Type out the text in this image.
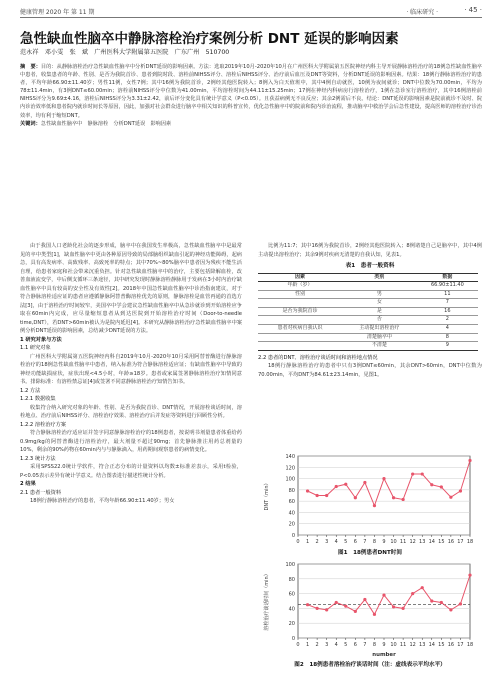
健康管理 2020 年 第 11 期	· 临床研究 ·	· 45 ·
急性缺血性脑卒中静脉溶栓治疗案例分析 DNT 延误的影响因素
范永祥　邓小雯　张　斌　广州医科大学附属第五医院　广东广州　510700
摘　要：目的：从静脉溶栓治疗急性缺血性脑卒中分析DNT延误的影响因素。方法：选取2019年10月-2020年10月在广州医科大学附属第五医院神经内科主导开展静脉溶栓治疗的18例急性缺血性脑卒中患者，收集患者的年龄、性别、是否为我院首诊、患者到院时段、溶栓前NIHSS评分、溶栓后NIHSS评分、治疗前后血压及DNT等资料，分析DNT延误的影响因素。结果：18例行静脉溶栓治疗的患者，平均年龄66.90±11.40岁；男性11例，女性7例；其中16例为我院首诊，2例经其他医院转入；8例入为白天值班中，其中4例自动就医，10例为夜间就诊；DNT中位数为70.00min，平均为78±11.4min，有3例DNT≤60.00min；溶栓前NIHSS评分中位数为41.00min，平均溶栓时间为44.11±15.25min；17例在神经内科病房行溶栓治疗，1例在急诊室行溶栓治疗，其中16例溶栓前NIHSS评分为9.69±4.16，溶栓后NIHSS评分为3.31±2.42，前后评分变化具有统计学意义（P<0.05）。且获益病例无不良反应；其余2例需后不良。结论：DNT延误的影响因素是院前就诊不及时、院内诊治效率低和患者院内就诊时间长等原因，因此，加强对社会群众进行脑卒中相关知识的科普宣传，优化急性脑卒中的院前和院内诊治流程，推动脑卒中救治学会后急性建设，提高医师的溶栓治疗诊治效率，均有利于缩短DNT。
关键词：急性缺血性脑卒中　静脉溶栓　分析DNT延误　影响因素

由于我国人口老龄化社会的逐步形成，脑卒中在我国发生率极高，急性缺血性脑卒中是最常见的卒中类型[1]，缺血性脑卒中更由各种原因导致的局部脑组织缺血引起的神经功能障碍，起病急，具有高发病率、高致残率、高致死率的特点；其中70%~80%脑卒中患者因为残疾不能生活自理，给患者家庭和社会带来沉重负担。针对急性缺血性脑卒中的治疗，主要包括降解血栓，改善血液流变学，中后侧支循环三条途径，其中研究发现时静脉溶栓静脉用于发病在3小时内治疗缺血性脑卒中具有较高的安全性及有效性[2]。2018年中国急性缺血性脑卒中诊治指南建议，对于符合静脉溶栓适应证的患者应遵循静脉阿替普酶溶栓优先的原则，静脉溶栓是血管再通的首选方法[3]，由于溶栓治疗时间较窄，美国卒中学会建议急性缺血性脑卒中从急诊就诊到开始溶栓应争取在60min内完成，应尽量缩短患者从到达医院到开始溶栓治疗时间（Door-to-needle time,DNT），若DNT>60min被认为是院内延迟[4]。本研究从静脉溶栓治疗急性缺血性脑卒中案例分析DNT延误的影响因素，总结减少DNT延误的方法。

1 研究对象与方法
1.1 研究对象

广州医科大学附属第五医院神经内科自2019年10月-2020年10月采用阿替普酶进行静脉溶栓治疗的18例急性缺血性脑卒中患者，纳入标准为符合静脉溶栓适应证；有缺血性脑卒中导致的神经功能缺损症状，症状出现<4.5小时，年龄≥18岁。患者或家属签署静脉溶栓治疗知情同意书。排除标准：有溶栓禁忌证[4]或签署不同意静脉溶栓治疗知情告知书。

1.2 方法
1.2.1 数据收集

收集符合纳入研究对象的年龄、性别、是否为我院首诊、DNT情况，开展溶栓谈话时间，溶栓地点、治疗前后NIHSS评分、溶栓治疗效果、溶栓治疗后并发症等资料进行回顾性分析。

1.2.2 溶栓治疗方案

符合静脉溶栓治疗适应证并签字同意静脉溶栓治疗的18例患者，按说明书剂量患者体重给药0.9mg/kg的阿替普酶进行溶栓治疗，最大剂量不超过90mg；首先静脉推注用药总剂量的10%，剩余的90%药物在60min内与与静脉滴入，用药期间观察患者的病情变化。

1.2.3 统计方法

采用SPSS22.0统计学软件，符合正态分布的计量资料以均数±标准差表示，采用t检验，P<0.05表示差异有统计学意义。结合图表进行描述性统计分析。

2 结果
2.1 患者一般资料

18例行静脉溶栓治疗的患者，平均年龄66.90±11.40岁；男女

比例为11:7；其中16例为我院首诊，2例经其他医院转入；8例诸楚自己是脑卒中，其中4例主动提出溶栓治疗；其余9例对疾病无清楚的自我认知，见表1。

表1　患者一般资料
因素	类别	数据
年龄（岁）		66.90±11.40
性别	男	11
	女	7
是否为我院首诊	是	16
	否	2
患者对疾病自我认识	主动提出溶栓治疗	4
	清楚脑卒中	8
	不清楚	9
2.2 患者的DNT、溶栓治疗谈话时间和溶栓地点情况

18例行静脉溶栓治疗的患者中只有3例DNT≤60min，其余DNT>60min，DNT中位数为70.00min，平均DNT为84.61±23.14min，见图1。

0
20
40
60
80
100
120
140
0 1 2 3 4 5 6 7 8 9 10 11 12 13 14 15 16 17 18
DNT（min）
图1　18例患者DNT时间
0
20
40
60
80
100
0 1 2 3 4 5 6 7 8 9 10 11 12 13 14 15 16 17 18
溶栓治疗谈话时间（min）
number
图2　18例患者溶栓治疗谈话时间（注：虚线表示平均水平）
